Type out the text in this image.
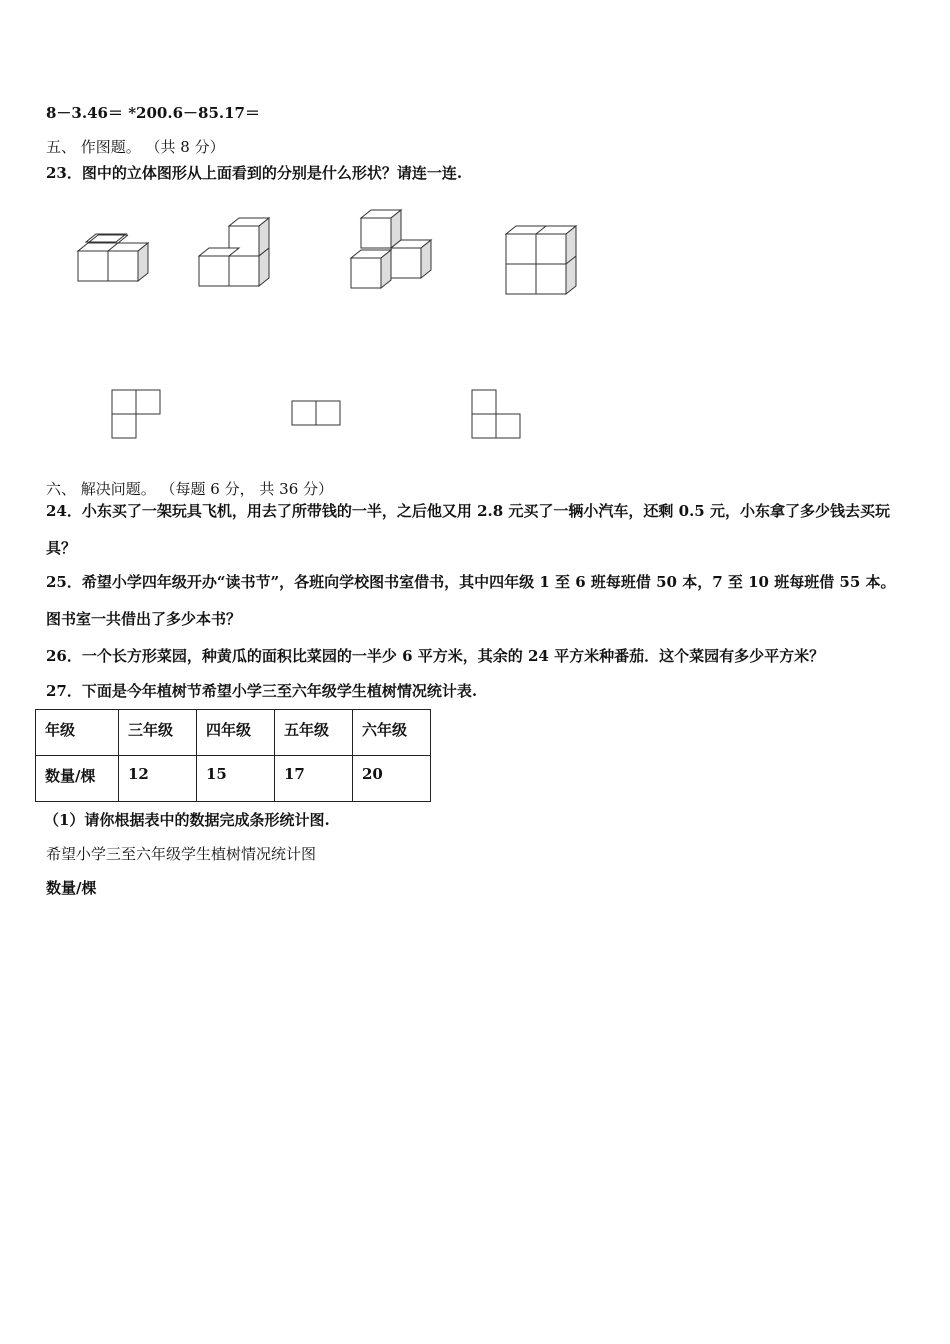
8－3.46＝ *200.6－85.17＝
五、 作图题。 （共 8 分）
23．图中的立体图形从上面看到的分别是什么形状？请连一连.
六、 解决问题。 （每题 6 分， 共 36 分）
24．小东买了一架玩具飞机，用去了所带钱的一半，之后他又用 2.8 元买了一辆小汽车，还剩 0.5 元，小东拿了多少钱去买玩具？
25．希望小学四年级开办“读书节”，各班向学校图书室借书，其中四年级 1 至 6 班每班借 50 本，7 至 10 班每班借 55 本。图书室一共借出了多少本书？
26．一个长方形菜园，种黄瓜的面积比菜园的一半少 6 平方米，其余的 24 平方米种番茄．这个菜园有多少平方米？
27．下面是今年植树节希望小学三至六年级学生植树情况统计表.
年级	三年级	四年级	五年级	六年级
数量/棵	12	15	17	20
（1）请你根据表中的数据完成条形统计图.
希望小学三至六年级学生植树情况统计图
数量/棵
